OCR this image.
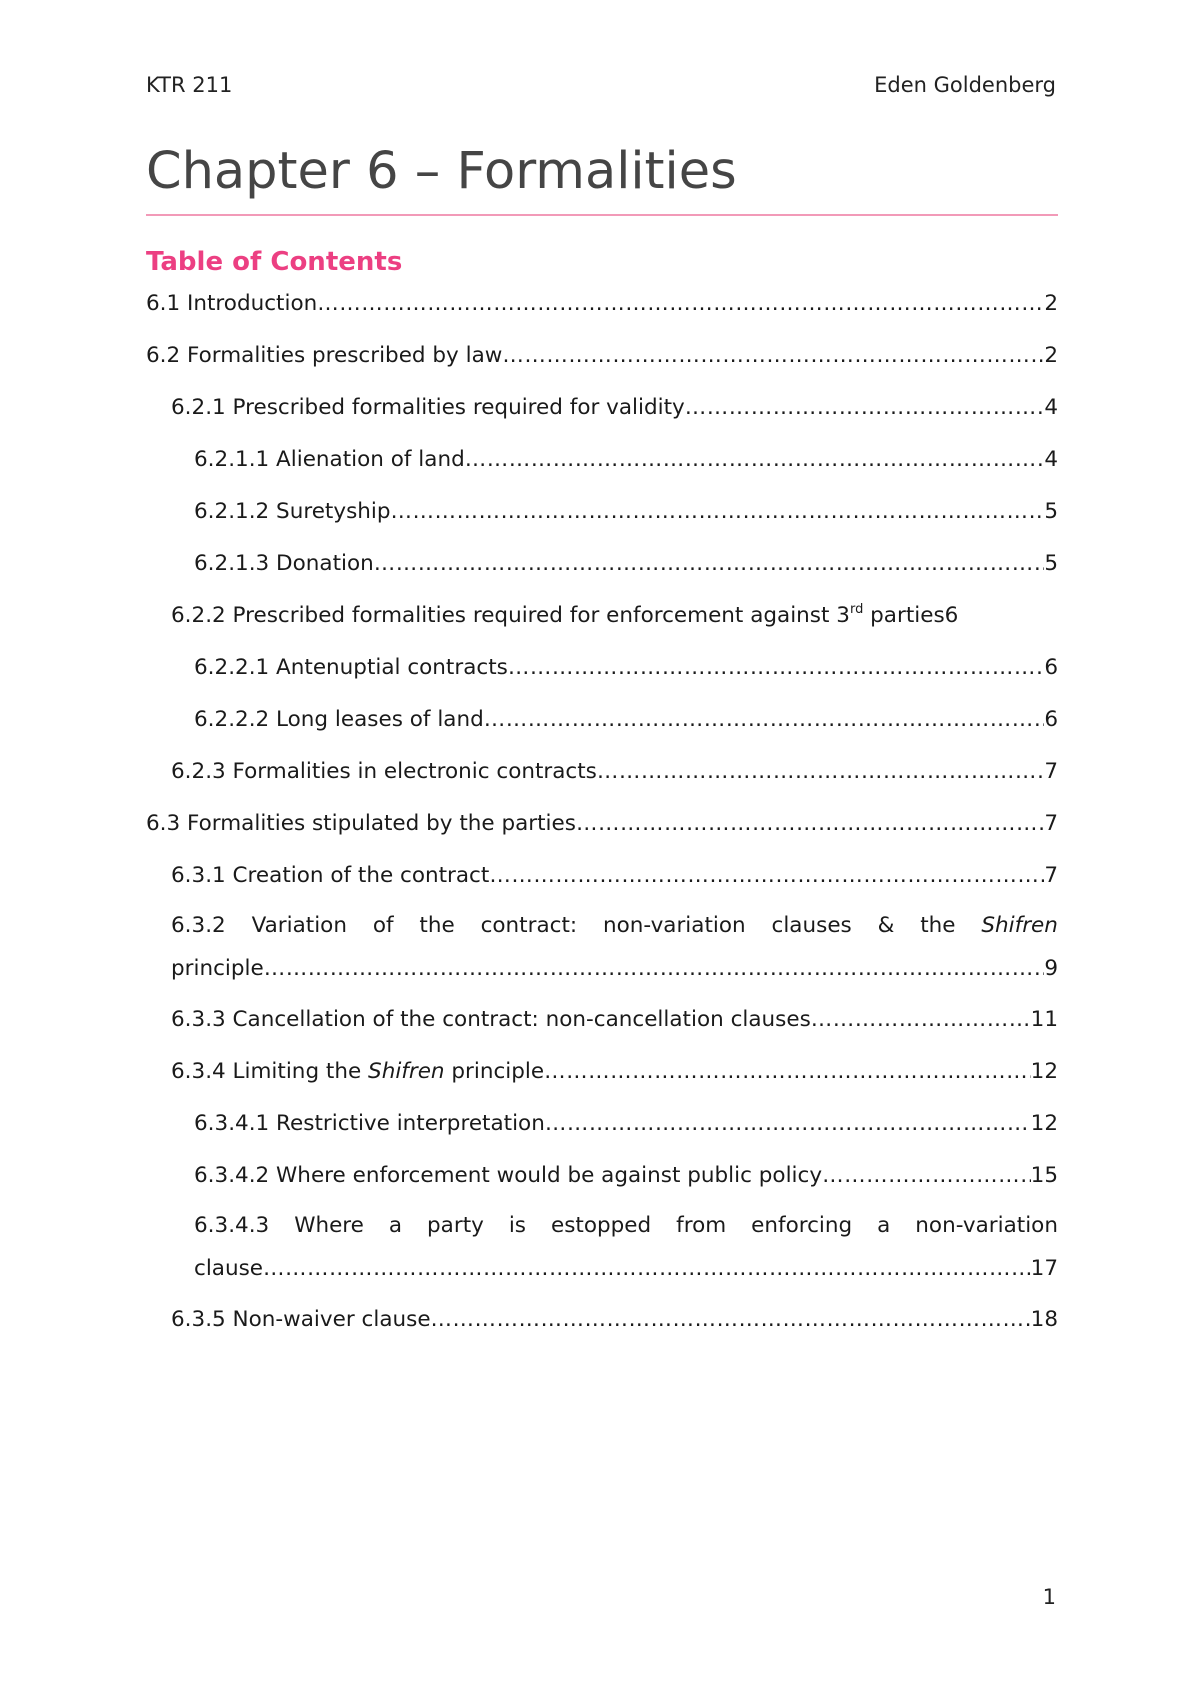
KTR 211	Eden Goldenberg
Chapter 6 – Formalities
Table of Contents
6.1 Introduction ……………………………………………………………………………………………………………………………………………………………………………………………………	2
6.2 Formalities prescribed by law ……………………………………………………………………………………………………………………………………………………………………………………………………	2
6.2.1 Prescribed formalities required for validity ……………………………………………………………………………………………………………………………………………………………………………………………………	4
6.2.1.1 Alienation of land ……………………………………………………………………………………………………………………………………………………………………………………………………	4
6.2.1.2 Suretyship ……………………………………………………………………………………………………………………………………………………………………………………………………	5
6.2.1.3 Donation ……………………………………………………………………………………………………………………………………………………………………………………………………	5
6.2.2 Prescribed formalities required for enforcement against 3rd parties 6
6.2.2.1 Antenuptial contracts ……………………………………………………………………………………………………………………………………………………………………………………………………	6
6.2.2.2 Long leases of land ……………………………………………………………………………………………………………………………………………………………………………………………………	6
6.2.3 Formalities in electronic contracts ……………………………………………………………………………………………………………………………………………………………………………………………………	7
6.3 Formalities stipulated by the parties ……………………………………………………………………………………………………………………………………………………………………………………………………	7
6.3.1 Creation of the contract ……………………………………………………………………………………………………………………………………………………………………………………………………	7
6.3.2 Variation of the contract: non-variation clauses & the Shifren
principle ……………………………………………………………………………………………………………………………………………………………………………………………………	9
6.3.3 Cancellation of the contract: non-cancellation clauses ……………………………………………………………………………………………………………………………………………………………………………………………………	11
6.3.4 Limiting the Shifren principle ……………………………………………………………………………………………………………………………………………………………………………………………………	12
6.3.4.1 Restrictive interpretation ……………………………………………………………………………………………………………………………………………………………………………………………………	12
6.3.4.2 Where enforcement would be against public policy ……………………………………………………………………………………………………………………………………………………………………………………………………	15
6.3.4.3 Where a party is estopped from enforcing a non-variation
clause ……………………………………………………………………………………………………………………………………………………………………………………………………	17
6.3.5 Non-waiver clause ……………………………………………………………………………………………………………………………………………………………………………………………………	18
1
